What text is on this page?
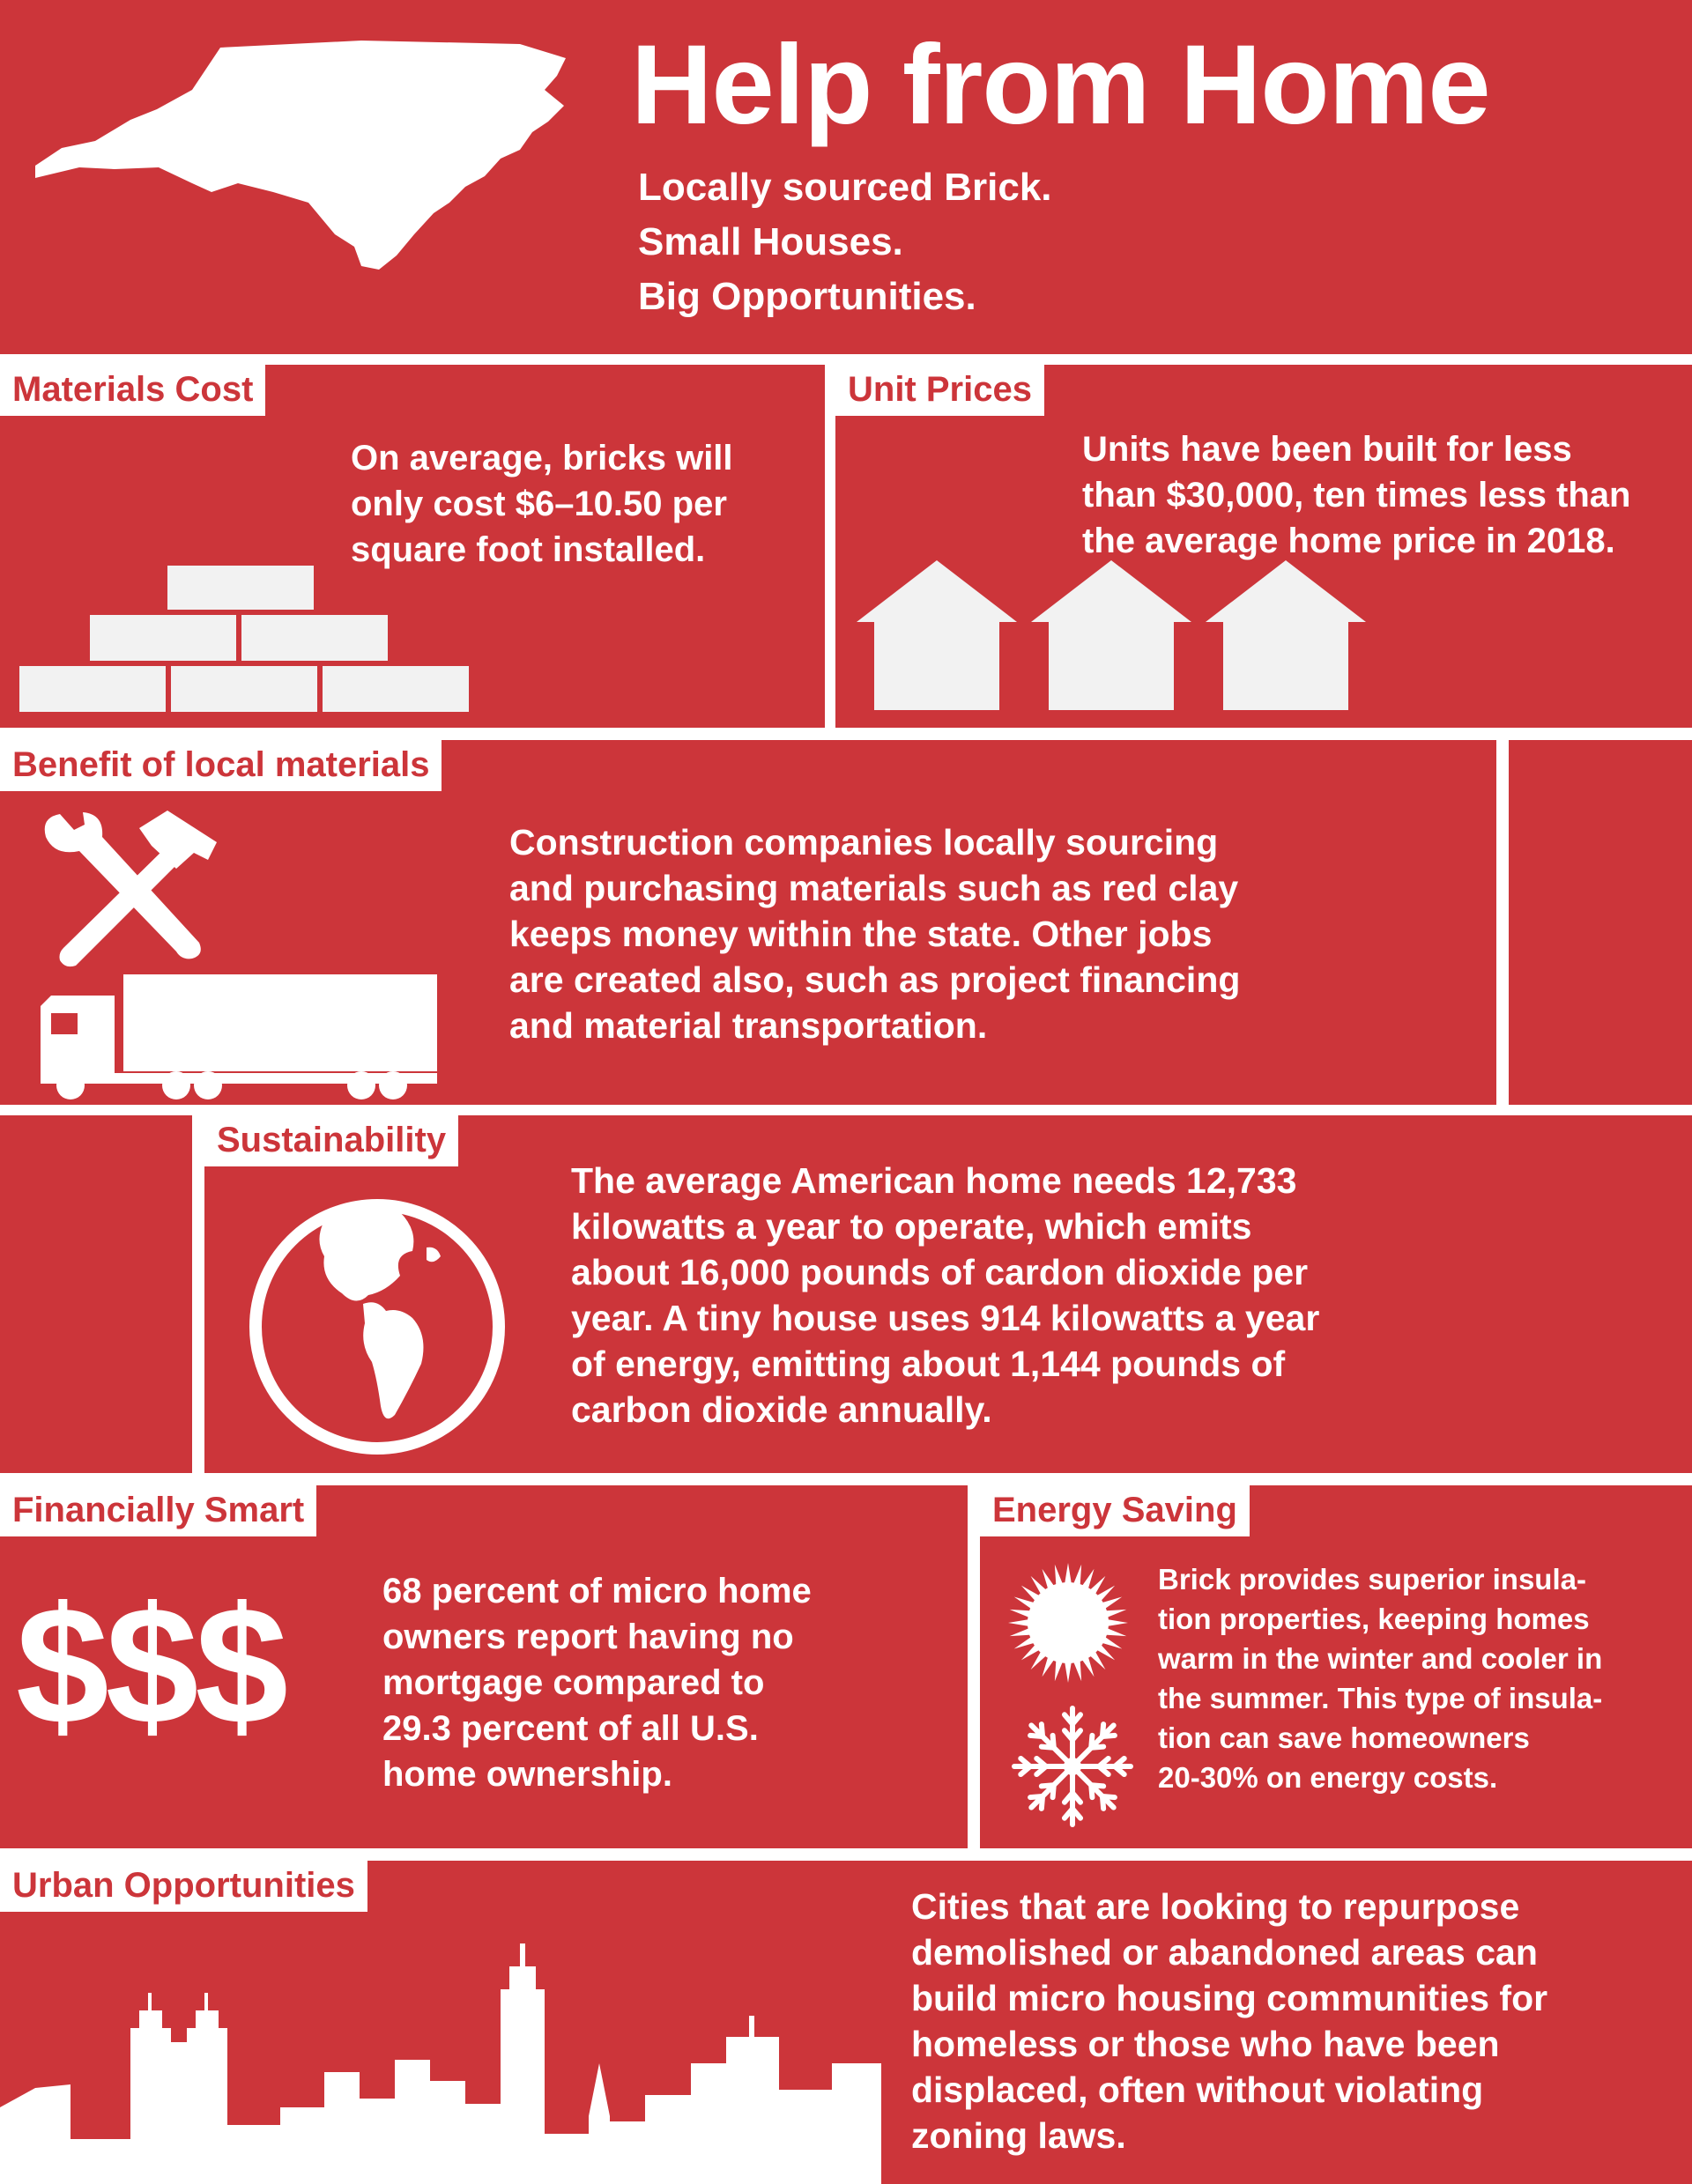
Help from Home
Locally sourced Brick.
Small Houses.
Big Opportunities.
Materials Cost
On average, bricks will
only cost $6–10.50 per
square foot installed.
Unit Prices
Units have been built for less
than $30,000, ten times less than
the average home price in 2018.
Benefit of local materials
Construction companies locally sourcing
and purchasing materials such as red clay
keeps money within the state. Other jobs
are created also, such as project financing
and material transportation.
Sustainability
The average American home needs 12,733
kilowatts a year to operate, which emits
about 16,000 pounds of cardon dioxide per
year. A tiny house uses 914 kilowatts a year
of energy, emitting about 1,144 pounds of
carbon dioxide annually.
Financially Smart
$$$	68 percent of micro home
owners report having no
mortgage compared to
29.3 percent of all U.S.
home ownership.
Energy Saving
Brick provides superior insula-
tion properties, keeping homes
warm in the winter and cooler in
the summer. This type of insula-
tion can save homeowners
20-30% on energy costs.
Urban Opportunities
Cities that are looking to repurpose
demolished or abandoned areas can
build micro housing communities for
homeless or those who have been
displaced, often without violating
zoning laws.
